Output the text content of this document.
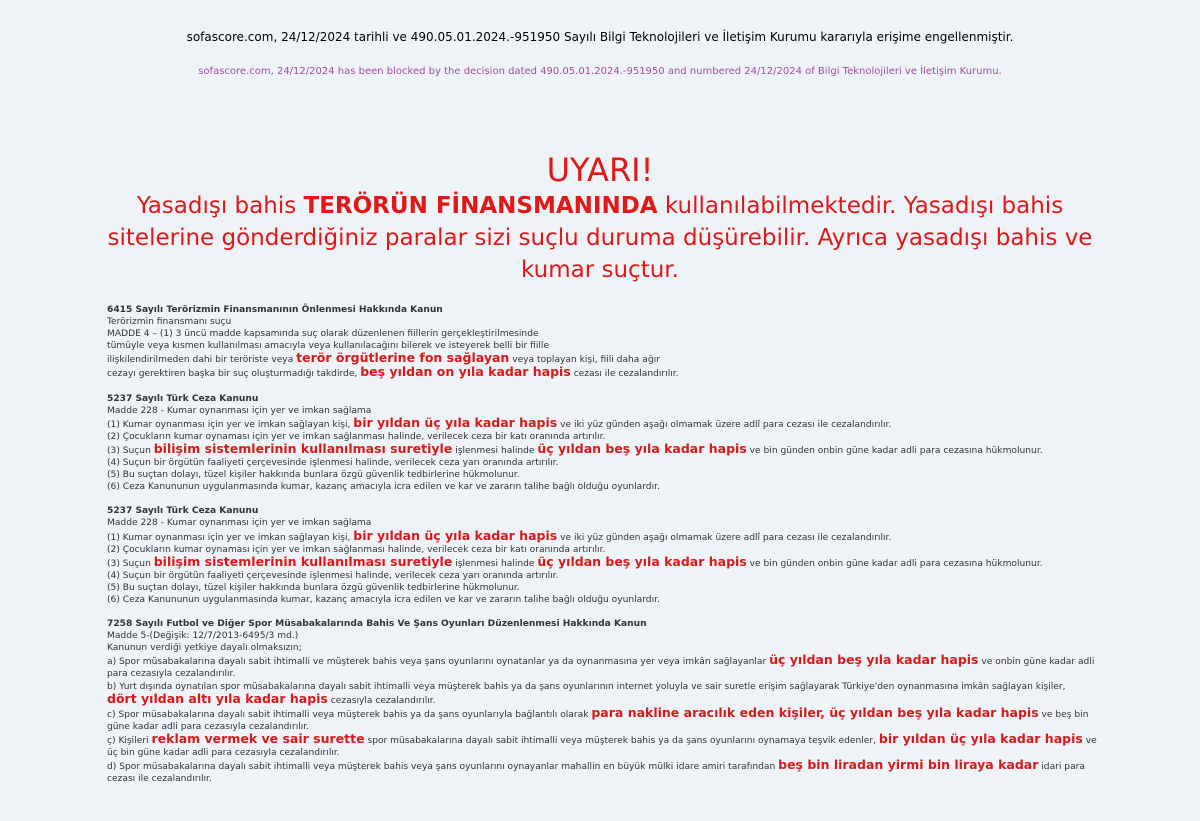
sofascore.com, 24/12/2024 tarihli ve 490.05.01.2024.-951950 Sayılı Bilgi Teknolojileri ve İletişim Kurumu kararıyla erişime engellenmiştir.
sofascore.com, 24/12/2024 has been blocked by the decision dated 490.05.01.2024.-951950 and numbered 24/12/2024 of Bilgi Teknolojileri ve İletişim Kurumu.
UYARI!
Yasadışı bahis TERÖRÜN FİNANSMANINDA kullanılabilmektedir. Yasadışı bahis sitelerine gönderdiğiniz paralar sizi suçlu duruma düşürebilir. Ayrıca yasadışı bahis ve kumar suçtur.
6415 Sayılı Terörizmin Finansmanının Önlenmesi Hakkında Kanun
Terörizmin finansmanı suçu
MADDE 4 – (1) 3 üncü madde kapsamında suç olarak düzenlenen fiillerin gerçekleştirilmesinde
tümüyle veya kısmen kullanılması amacıyla veya kullanılacağını bilerek ve isteyerek belli bir fiille
ilişkilendirilmeden dahi bir teröriste veya terör örgütlerine fon sağlayan veya toplayan kişi, fiili daha ağır
cezayı gerektiren başka bir suç oluşturmadığı takdirde, beş yıldan on yıla kadar hapis cezası ile cezalandırılır.
5237 Sayılı Türk Ceza Kanunu
Madde 228 - Kumar oynanması için yer ve imkan sağlama
(1) Kumar oynanması için yer ve imkan sağlayan kişi, bir yıldan üç yıla kadar hapis ve iki yüz günden aşağı olmamak üzere adlî para cezası ile cezalandırılır.
(2) Çocukların kumar oynaması için yer ve imkan sağlanması halinde, verilecek ceza bir katı oranında artırılır.
(3) Suçun bilişim sistemlerinin kullanılması suretiyle işlenmesi halinde üç yıldan beş yıla kadar hapis ve bin günden onbin güne kadar adli para cezasına hükmolunur.
(4) Suçun bir örgütün faaliyeti çerçevesinde işlenmesi halinde, verilecek ceza yarı oranında artırılır.
(5) Bu suçtan dolayı, tüzel kişiler hakkında bunlara özgü güvenlik tedbirlerine hükmolunur.
(6) Ceza Kanununun uygulanmasında kumar, kazanç amacıyla icra edilen ve kar ve zararın talihe bağlı olduğu oyunlardır.
5237 Sayılı Türk Ceza Kanunu
Madde 228 - Kumar oynanması için yer ve imkan sağlama
(1) Kumar oynanması için yer ve imkan sağlayan kişi, bir yıldan üç yıla kadar hapis ve iki yüz günden aşağı olmamak üzere adlî para cezası ile cezalandırılır.
(2) Çocukların kumar oynaması için yer ve imkan sağlanması halinde, verilecek ceza bir katı oranında artırılır.
(3) Suçun bilişim sistemlerinin kullanılması suretiyle işlenmesi halinde üç yıldan beş yıla kadar hapis ve bin günden onbin güne kadar adli para cezasına hükmolunur.
(4) Suçun bir örgütün faaliyeti çerçevesinde işlenmesi halinde, verilecek ceza yarı oranında artırılır.
(5) Bu suçtan dolayı, tüzel kişiler hakkında bunlara özgü güvenlik tedbirlerine hükmolunur.
(6) Ceza Kanununun uygulanmasında kumar, kazanç amacıyla icra edilen ve kar ve zararın talihe bağlı olduğu oyunlardır.
7258 Sayılı Futbol ve Diğer Spor Müsabakalarında Bahis Ve Şans Oyunları Düzenlenmesi Hakkında Kanun
Madde 5-(Değişik: 12/7/2013-6495/3 md.)
Kanunun verdiği yetkiye dayalı olmaksızın;
a) Spor müsabakalarına dayalı sabit ihtimalli ve müşterek bahis veya şans oyunlarını oynatanlar ya da oynanmasına yer veya imkân sağlayanlar üç yıldan beş yıla kadar hapis ve onbin güne kadar adli para cezasıyla cezalandırılır.
b) Yurt dışında oynatılan spor müsabakalarına dayalı sabit ihtimalli veya müşterek bahis ya da şans oyunlarının internet yoluyla ve sair suretle erişim sağlayarak Türkiye'den oynanmasına imkân sağlayan kişiler, dört yıldan altı yıla kadar hapis cezasıyla cezalandırılır.
c) Spor müsabakalarına dayalı sabit ihtimalli veya müşterek bahis ya da şans oyunlarıyla bağlantılı olarak para nakline aracılık eden kişiler, üç yıldan beş yıla kadar hapis ve beş bin güne kadar adli para cezasıyla cezalandırılır.
ç) Kişileri reklam vermek ve sair surette spor müsabakalarına dayalı sabit ihtimalli veya müşterek bahis ya da şans oyunlarını oynamaya teşvik edenler, bir yıldan üç yıla kadar hapis ve üç bin güne kadar adli para cezasıyla cezalandırılır.
d) Spor müsabakalarına dayalı sabit ihtimalli veya müşterek bahis veya şans oyunlarını oynayanlar mahallin en büyük mülki idare amiri tarafından beş bin liradan yirmi bin liraya kadar idari para cezası ile cezalandırılır.
